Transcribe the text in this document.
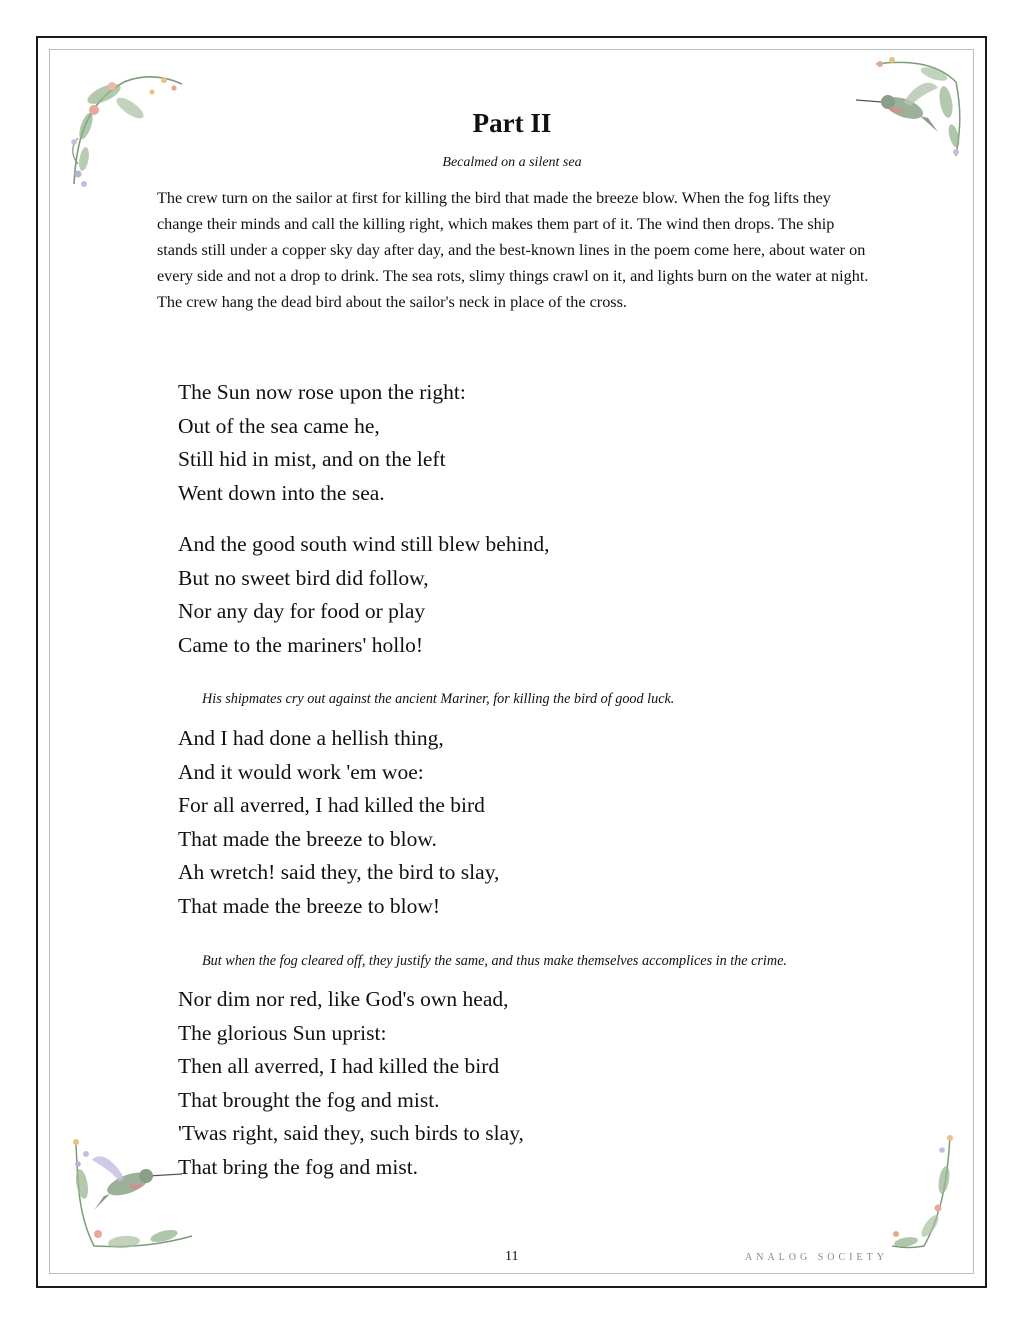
Part II
Becalmed on a silent sea
The crew turn on the sailor at first for killing the bird that made the breeze blow. When the fog lifts they change their minds and call the killing right, which makes them part of it. The wind then drops. The ship stands still under a copper sky day after day, and the best-known lines in the poem come here, about water on every side and not a drop to drink. The sea rots, slimy things crawl on it, and lights burn on the water at night. The crew hang the dead bird about the sailor's neck in place of the cross.
The Sun now rose upon the right:
Out of the sea came he,
Still hid in mist, and on the left
Went down into the sea.
And the good south wind still blew behind,
But no sweet bird did follow,
Nor any day for food or play
Came to the mariners' hollo!
His shipmates cry out against the ancient Mariner, for killing the bird of good luck.
And I had done a hellish thing,
And it would work 'em woe:
For all averred, I had killed the bird
That made the breeze to blow.
Ah wretch! said they, the bird to slay,
That made the breeze to blow!
But when the fog cleared off, they justify the same, and thus make themselves accomplices in the crime.
Nor dim nor red, like God's own head,
The glorious Sun uprist:
Then all averred, I had killed the bird
That brought the fog and mist.
'Twas right, said they, such birds to slay,
That bring the fog and mist.
11	ANALOG SOCIETY
